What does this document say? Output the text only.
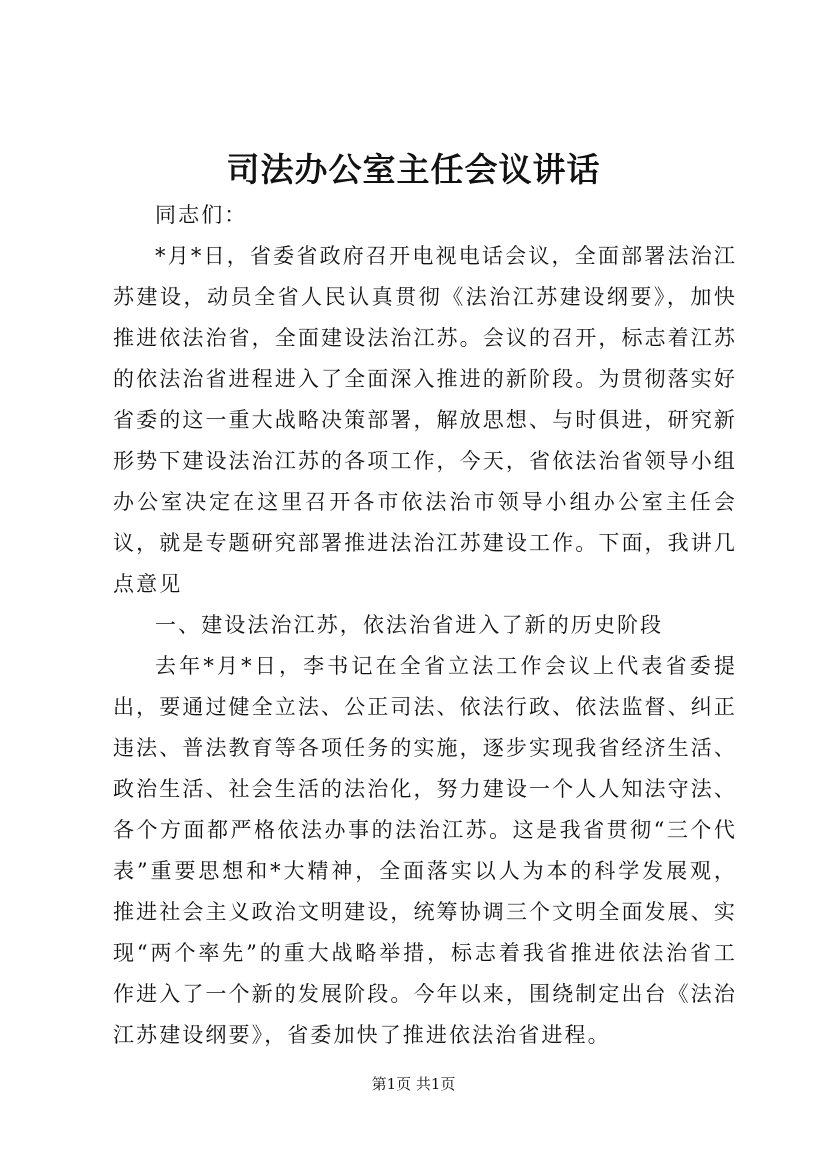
司法办公室主任会议讲话

同志们：

*月*日，省委省政府召开电视电话会议，全面部署法治江苏建设，动员全省人民认真贯彻《法治江苏建设纲要》，加快推进依法治省，全面建设法治江苏。会议的召开，标志着江苏的依法治省进程进入了全面深入推进的新阶段。为贯彻落实好省委的这一重大战略决策部署，解放思想、与时俱进，研究新形势下建设法治江苏的各项工作，今天，省依法治省领导小组办公室决定在这里召开各市依法治市领导小组办公室主任会议，就是专题研究部署推进法治江苏建设工作。下面，我讲几点意见

一、建设法治江苏，依法治省进入了新的历史阶段

去年*月*日，李书记在全省立法工作会议上代表省委提出，要通过健全立法、公正司法、依法行政、依法监督、纠正违法、普法教育等各项任务的实施，逐步实现我省经济生活、政治生活、社会生活的法治化，努力建设一个人人知法守法、各个方面都严格依法办事的法治江苏。这是我省贯彻“三个代表”重要思想和*大精神，全面落实以人为本的科学发展观，推进社会主义政治文明建设，统筹协调三个文明全面发展、实现“两个率先”的重大战略举措，标志着我省推进依法治省工作进入了一个新的发展阶段。今年以来，围绕制定出台《法治江苏建设纲要》，省委加快了推进依法治省进程。

第1页 共1页
